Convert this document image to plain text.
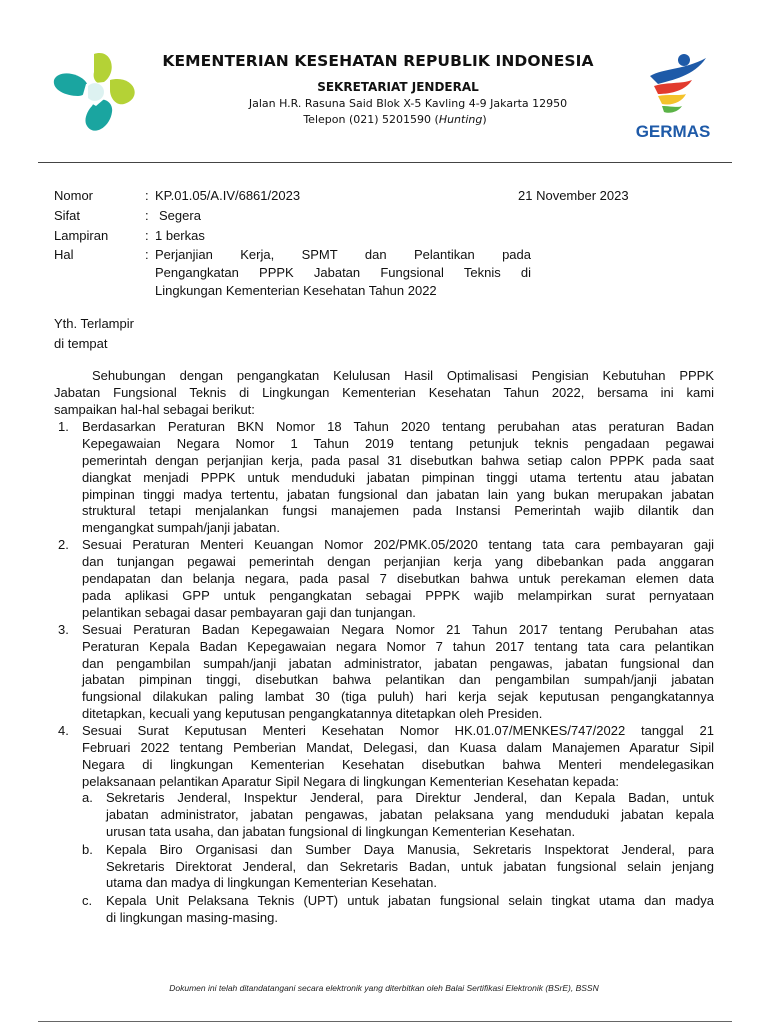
KEMENTERIAN KESEHATAN REPUBLIK INDONESIA

SEKRETARIAT JENDERAL

Jalan H.R. Rasuna Said Blok X-5 Kavling 4-9 Jakarta 12950

Telepon (021) 5201590 (Hunting)

GERMAS
Nomor	: KP.01.05/A.IV/6861/2023
Sifat	: Segera
Lampiran	: 1 berkas
Hal	: Perjanjian Kerja, SPMT dan Pelantikan pada
Pengangkatan PPPK Jabatan Fungsional Teknis di
Lingkungan Kementerian Kesehatan Tahun 2022
21 November 2023
Yth. Terlampir
di tempat
Sehubungan dengan pengangkatan Kelulusan Hasil Optimalisasi Pengisian Kebutuhan PPPK
Jabatan Fungsional Teknis di Lingkungan Kementerian Kesehatan Tahun 2022, bersama ini kami
sampaikan hal-hal sebagai berikut:
1. Berdasarkan Peraturan BKN Nomor 18 Tahun 2020 tentang perubahan atas peraturan Badan
Kepegawaian Negara Nomor 1 Tahun 2019 tentang petunjuk teknis pengadaan pegawai
pemerintah dengan perjanjian kerja, pada pasal 31 disebutkan bahwa setiap calon PPPK pada saat
diangkat menjadi PPPK untuk menduduki jabatan pimpinan tinggi utama tertentu atau jabatan
pimpinan tinggi madya tertentu, jabatan fungsional dan jabatan lain yang bukan merupakan jabatan
struktural tetapi menjalankan fungsi manajemen pada Instansi Pemerintah wajib dilantik dan
mengangkat sumpah/janji jabatan.
2. Sesuai Peraturan Menteri Keuangan Nomor 202/PMK.05/2020 tentang tata cara pembayaran gaji
dan tunjangan pegawai pemerintah dengan perjanjian kerja yang dibebankan pada anggaran
pendapatan dan belanja negara, pada pasal 7 disebutkan bahwa untuk perekaman elemen data
pada aplikasi GPP untuk pengangkatan sebagai PPPK wajib melampirkan surat pernyataan
pelantikan sebagai dasar pembayaran gaji dan tunjangan.
3. Sesuai Peraturan Badan Kepegawaian Negara Nomor 21 Tahun 2017 tentang Perubahan atas
Peraturan Kepala Badan Kepegawaian negara Nomor 7 tahun 2017 tentang tata cara pelantikan
dan pengambilan sumpah/janji jabatan administrator, jabatan pengawas, jabatan fungsional dan
jabatan pimpinan tinggi, disebutkan bahwa pelantikan dan pengambilan sumpah/janji jabatan
fungsional dilakukan paling lambat 30 (tiga puluh) hari kerja sejak keputusan pengangkatannya
ditetapkan, kecuali yang keputusan pengangkatannya ditetapkan oleh Presiden.
4. Sesuai Surat Keputusan Menteri Kesehatan Nomor HK.01.07/MENKES/747/2022 tanggal 21
Februari 2022 tentang Pemberian Mandat, Delegasi, dan Kuasa dalam Manajemen Aparatur Sipil
Negara di lingkungan Kementerian Kesehatan disebutkan bahwa Menteri mendelegasikan
pelaksanaan pelantikan Aparatur Sipil Negara di lingkungan Kementerian Kesehatan kepada:
a. Sekretaris Jenderal, Inspektur Jenderal, para Direktur Jenderal, dan Kepala Badan, untuk
jabatan administrator, jabatan pengawas, jabatan pelaksana yang menduduki jabatan kepala
urusan tata usaha, dan jabatan fungsional di lingkungan Kementerian Kesehatan.
b. Kepala Biro Organisasi dan Sumber Daya Manusia, Sekretaris Inspektorat Jenderal, para
Sekretaris Direktorat Jenderal, dan Sekretaris Badan, untuk jabatan fungsional selain jenjang
utama dan madya di lingkungan Kementerian Kesehatan.
c. Kepala Unit Pelaksana Teknis (UPT) untuk jabatan fungsional selain tingkat utama dan madya
di lingkungan masing-masing.
Dokumen ini telah ditandatangani secara elektronik yang diterbitkan oleh Balai Sertifikasi Elektronik (BSrE), BSSN
